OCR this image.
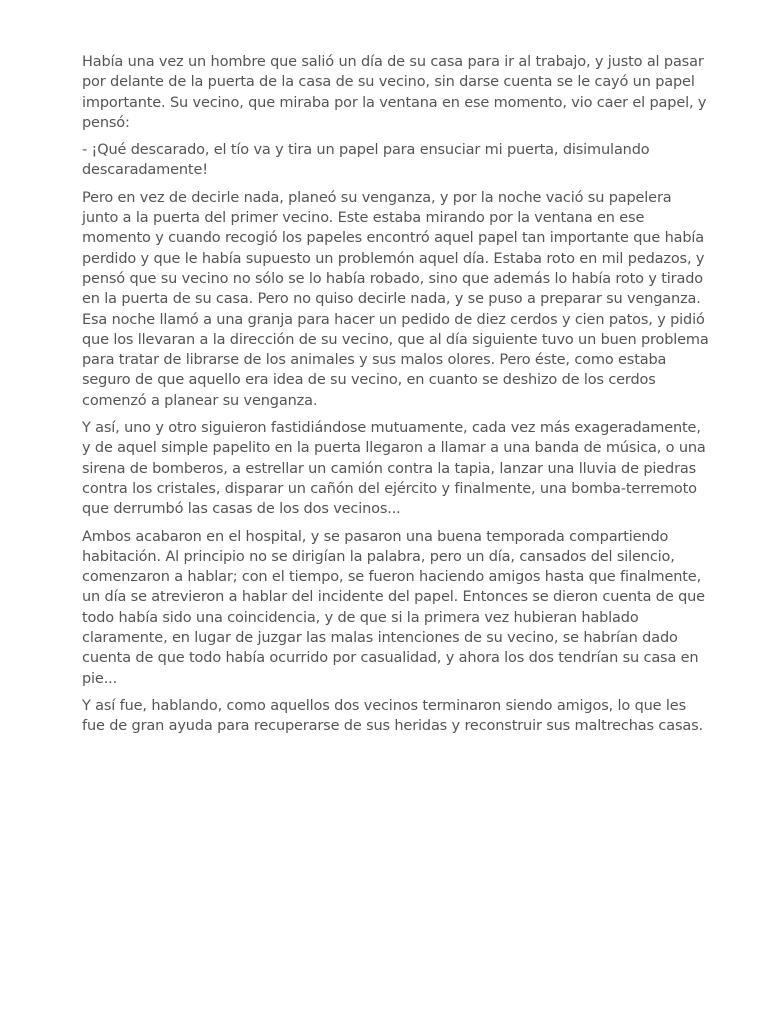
Había una vez un hombre que salió un día de su casa para ir al trabajo, y justo al pasar por delante de la puerta de la casa de su vecino, sin darse cuenta se le cayó un papel importante. Su vecino, que miraba por la ventana en ese momento, vio caer el papel, y pensó:

- ¡Qué descarado, el tío va y tira un papel para ensuciar mi puerta, disimulando descaradamente!

Pero en vez de decirle nada, planeó su venganza, y por la noche vació su papelera junto a la puerta del primer vecino. Este estaba mirando por la ventana en ese momento y cuando recogió los papeles encontró aquel papel tan importante que había perdido y que le había supuesto un problemón aquel día. Estaba roto en mil pedazos, y pensó que su vecino no sólo se lo había robado, sino que además lo había roto y tirado en la puerta de su casa. Pero no quiso decirle nada, y se puso a preparar su venganza. Esa noche llamó a una granja para hacer un pedido de diez cerdos y cien patos, y pidió que los llevaran a la dirección de su vecino, que al día siguiente tuvo un buen problema para tratar de librarse de los animales y sus malos olores. Pero éste, como estaba seguro de que aquello era idea de su vecino, en cuanto se deshizo de los cerdos comenzó a planear su venganza.

Y así, uno y otro siguieron fastidiándose mutuamente, cada vez más exageradamente, y de aquel simple papelito en la puerta llegaron a llamar a una banda de música, o una sirena de bomberos, a estrellar un camión contra la tapia, lanzar una lluvia de piedras contra los cristales, disparar un cañón del ejército y finalmente, una bomba-terremoto que derrumbó las casas de los dos vecinos...

Ambos acabaron en el hospital, y se pasaron una buena temporada compartiendo habitación. Al principio no se dirigían la palabra, pero un día, cansados del silencio, comenzaron a hablar; con el tiempo, se fueron haciendo amigos hasta que finalmente, un día se atrevieron a hablar del incidente del papel. Entonces se dieron cuenta de que todo había sido una coincidencia, y de que si la primera vez hubieran hablado claramente, en lugar de juzgar las malas intenciones de su vecino, se habrían dado cuenta de que todo había ocurrido por casualidad, y ahora los dos tendrían su casa en pie...

Y así fue, hablando, como aquellos dos vecinos terminaron siendo amigos, lo que les fue de gran ayuda para recuperarse de sus heridas y reconstruir sus maltrechas casas.
